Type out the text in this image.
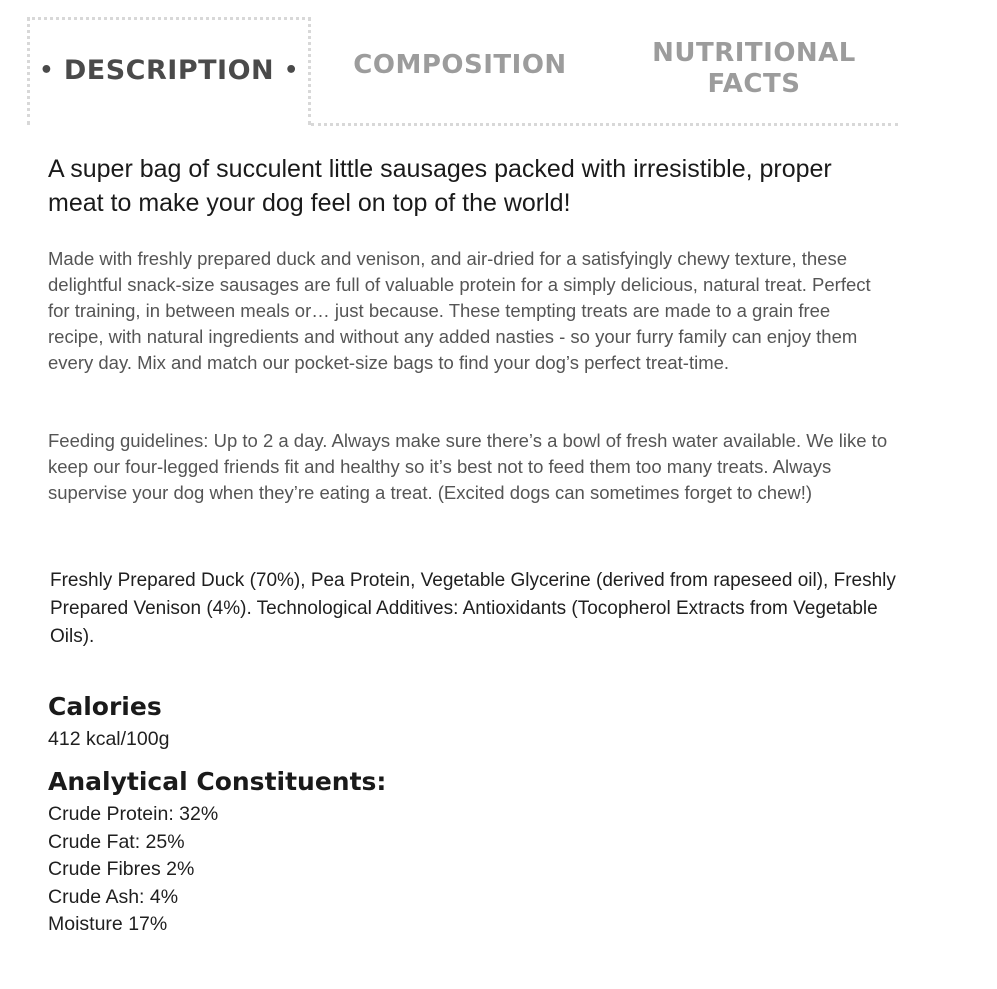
• DESCRIPTION •	COMPOSITION	NUTRITIONAL
FACTS
A super bag of succulent little sausages packed with irresistible, proper meat to make your dog feel on top of the world!

Made with freshly prepared duck and venison, and air-dried for a satisfyingly chewy texture, these delightful snack-size sausages are full of valuable protein for a simply delicious, natural treat. Perfect for training, in between meals or… just because. These tempting treats are made to a grain free recipe, with natural ingredients and without any added nasties - so your furry family can enjoy them every day. Mix and match our pocket-size bags to find your dog’s perfect treat-time.

Feeding guidelines: Up to 2 a day. Always make sure there’s a bowl of fresh water available. We like to keep our four-legged friends fit and healthy so it’s best not to feed them too many treats. Always supervise your dog when they’re eating a treat. (Excited dogs can sometimes forget to chew!)

Freshly Prepared Duck (70%), Pea Protein, Vegetable Glycerine (derived from rapeseed oil), Freshly Prepared Venison (4%). Technological Additives: Antioxidants (Tocopherol Extracts from Vegetable Oils).

Calories

412 kcal/100g

Analytical Constituents:
Crude Protein: 32%
Crude Fat: 25%
Crude Fibres 2%
Crude Ash: 4%
Moisture 17%
